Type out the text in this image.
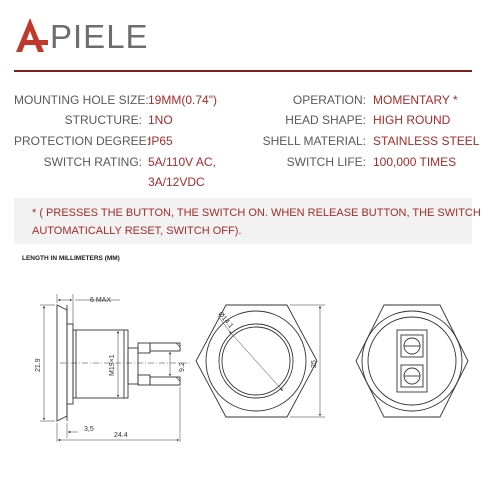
PIELE
MOUNTING HOLE SIZE: 19MM(0.74")
STRUCTURE: 1NO
PROTECTION DEGREE:
IP65
SWITCH RATING: 5A/110V AC,
3A/12VDC
OPERATION: MOMENTARY *
HEAD SHAPE: HIGH ROUND
SHELL MATERIAL: STAINLESS STEEL
SWITCH LIFE: 100,000 TIMES
* ( PRESSES THE BUTTON, THE SWITCH ON. WHEN RELEASE BUTTON, THE SWITCH
AUTOMATICALLY RESET, SWITCH OFF).
LENGTH IN MILLIMETERS (MM)
6 MAX
21.9	M19×1	9.2
3,5
24.4
Ø14.1
25
